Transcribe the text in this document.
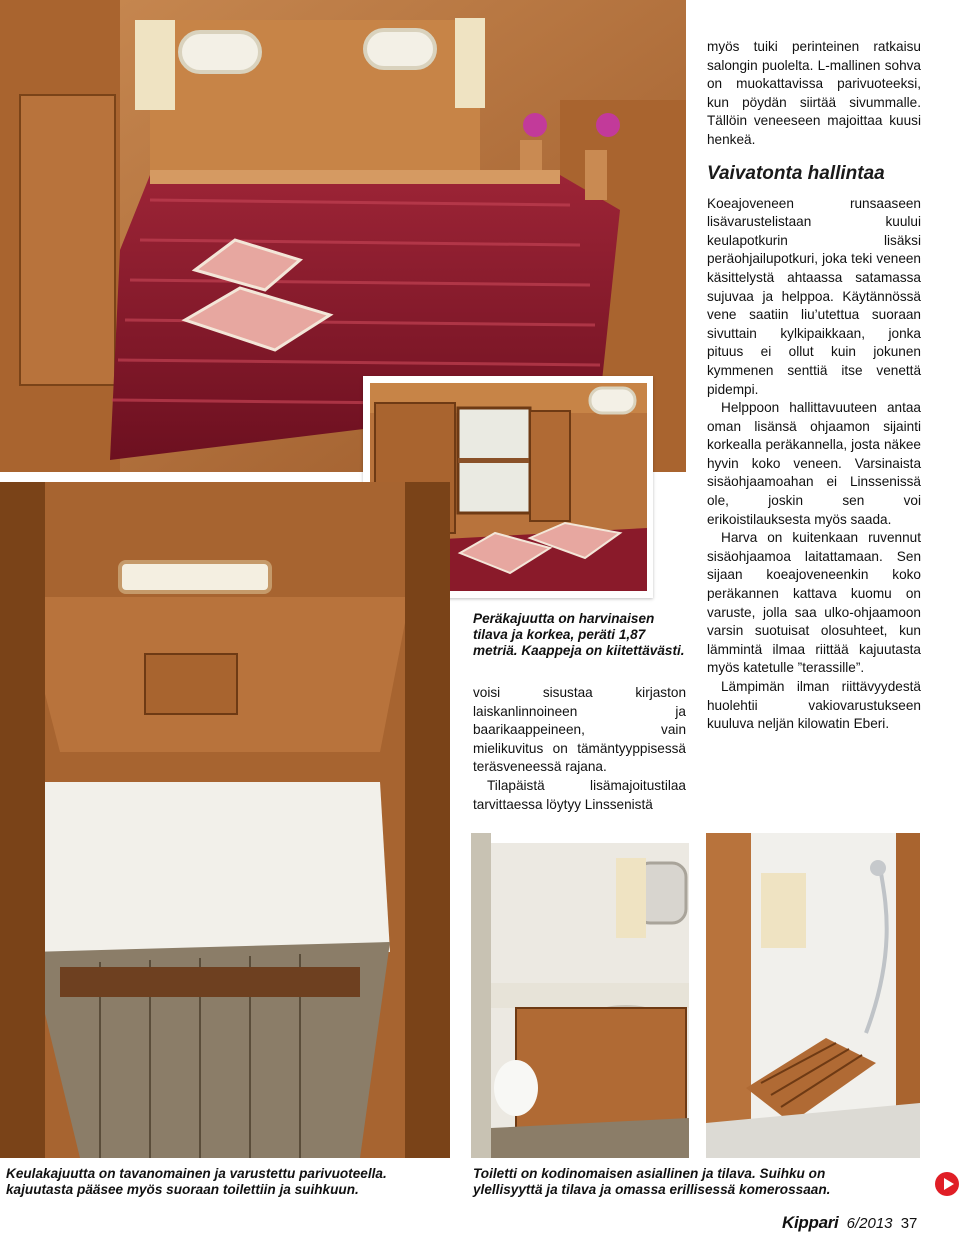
myös tuiki perinteinen ratkaisu salongin puolelta. L-mallinen sohva on muokattavissa parivuoteeksi, kun pöydän siirtää sivummalle. Tällöin veneeseen majoittaa kuusi henkeä.

Vaivatonta hallintaa

Koeajoveneen runsaaseen lisävarustelistaan kuului keulapotkurin lisäksi peräohjailupotkuri, joka teki veneen käsittelystä ahtaassa satamassa sujuvaa ja helppoa. Käytännössä vene saatiin liu’utettua suoraan sivuttain kylkipaikkaan, jonka pituus ei ollut kuin jokunen kymmenen senttiä itse venettä pidempi.

Helppoon hallittavuuteen antaa oman lisänsä ohjaamon sijainti korkealla peräkannella, josta näkee hyvin koko veneen. Varsinaista sisäohjaamoahan ei Linssenissä ole, joskin sen voi erikoistilauksesta myös saada.

Harva on kuitenkaan ruvennut sisäohjaamoa laitattamaan. Sen sijaan koeajoveneenkin koko peräkannen kattava kuomu on varuste, jolla saa ulko-ohjaamoon varsin suotuisat olosuhteet, kun lämmintä ilmaa riittää kajuutasta myös katetulle ”terassille”.

Lämpimän ilman riittävyydestä huolehtii vakiovarustukseen kuuluva neljän kilowatin Eberi.

Peräkajuutta on harvinaisen tilava ja korkea, peräti 1,87 metriä. Kaappeja on kiitettävästi.

voisi sisustaa kirjaston laiskanlinnoineen ja baarikaappeineen, vain mielikuvitus on tämäntyyppisessä teräsveneessä rajana.

Tilapäistä lisämajoitustilaa tarvittaessa löytyy Linssenistä

Keulakajuutta on tavanomainen ja varustettu parivuoteella. kajuutasta pääsee myös suoraan toilettiin ja suihkuun.
Toiletti on kodinomaisen asiallinen ja tilava. Suihku on ylellisyyttä ja tilava ja omassa erillisessä komerossaan.
Kippari 6/2013 37
